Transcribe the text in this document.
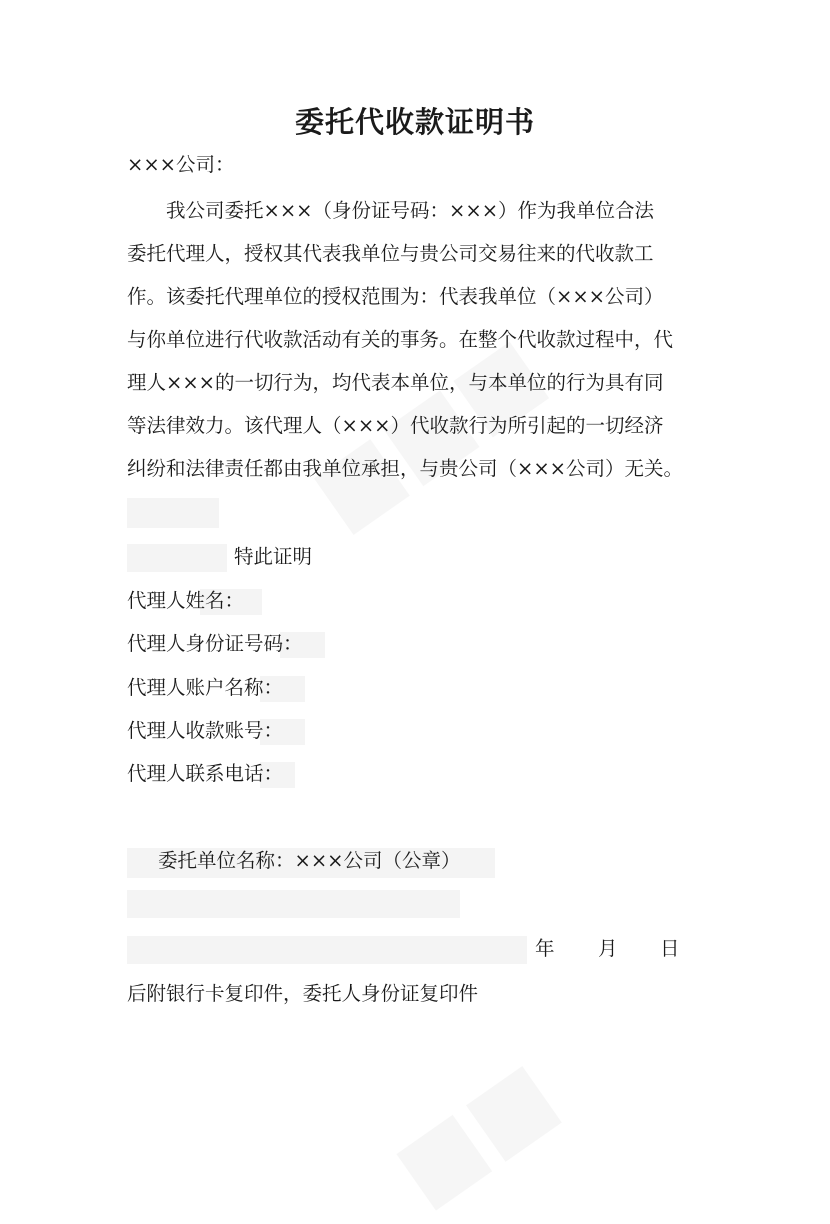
委托代收款证明书
×××公司：
我公司委托×××（身份证号码：×××）作为我单位合法
委托代理人，授权其代表我单位与贵公司交易往来的代收款工
作。该委托代理单位的授权范围为：代表我单位（×××公司）
与你单位进行代收款活动有关的事务。在整个代收款过程中，代
理人×××的一切行为，均代表本单位，与本单位的行为具有同
等法律效力。该代理人（×××）代收款行为所引起的一切经济
纠纷和法律责任都由我单位承担，与贵公司（×××公司）无关。
特此证明
代理人姓名：
代理人身份证号码：
代理人账户名称：
代理人收款账号：
代理人联系电话：
委托单位名称：×××公司（公章）
年 月 日
后附银行卡复印件，委托人身份证复印件
